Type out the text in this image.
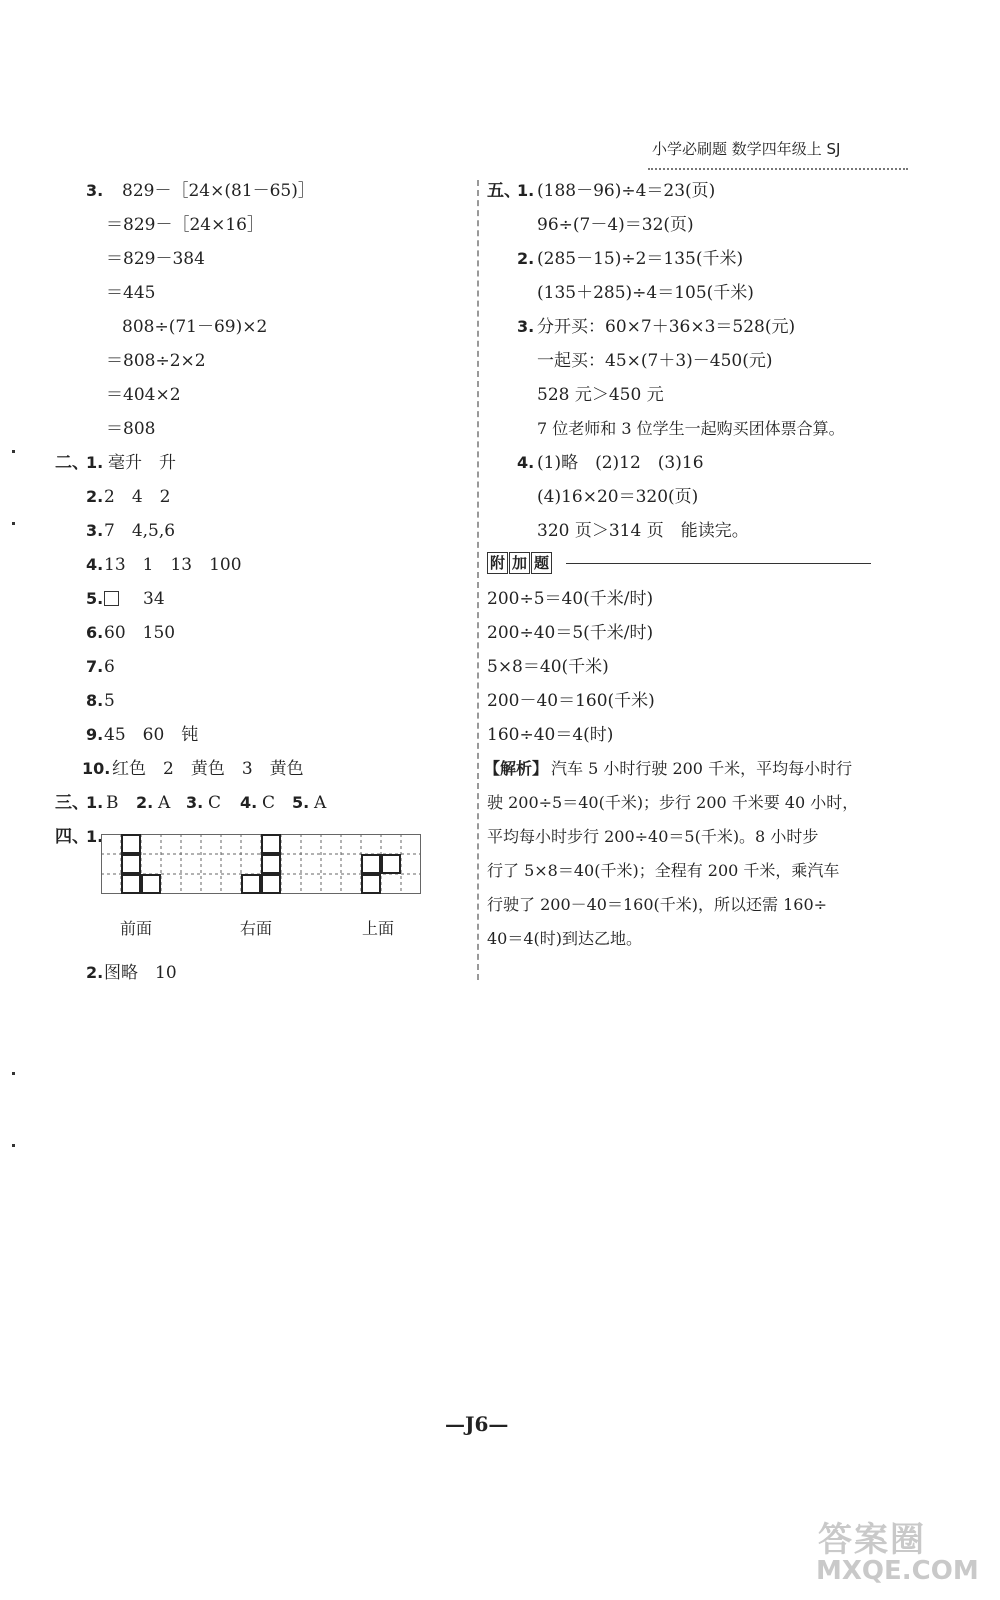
小学必刷题 数学四年级上 SJ
3. 829－［24×(81－65)］
＝829－［24×16］
＝829－384
＝445
808÷(71－69)×2
＝808÷2×2
＝404×2
＝808
二、
1. 毫升　升
2. 2　4　2
3. 7　4,5,6
4. 13　1　13　100
5. 34
6. 60　150
7. 6
8. 5
9. 45　60　钝
10. 红色　2　黄色　3　黄色
三、
1. B 2. A 3. C 4. C 5. A
四、
1.
前面	右面	上面
2. 图略　10
五、
1. (188－96)÷4＝23(页)
96÷(7－4)＝32(页)
2. (285－15)÷2＝135(千米)
(135＋285)÷4＝105(千米)
3. 分开买：60×7＋36×3＝528(元)
一起买：45×(7＋3)－450(元)
528 元＞450 元
7 位老师和 3 位学生一起购买团体票合算。
4. (1)略　(2)12　(3)16
(4)16×20＝320(页)
320 页＞314 页　能读完。
附 加 题
200÷5＝40(千米/时)
200÷40＝5(千米/时)
5×8＝40(千米)
200－40＝160(千米)
160÷40＝4(时)
【解析】 汽车 5 小时行驶 200 千米，平均每小时行
驶 200÷5＝40(千米)；步行 200 千米要 40 小时，
平均每小时步行 200÷40＝5(千米)。8 小时步
行了 5×8＝40(千米)；全程有 200 千米，乘汽车
行驶了 200－40＝160(千米)，所以还需 160÷
40＝4(时)到达乙地。
—J6—
答案圈
MXQE.COM
